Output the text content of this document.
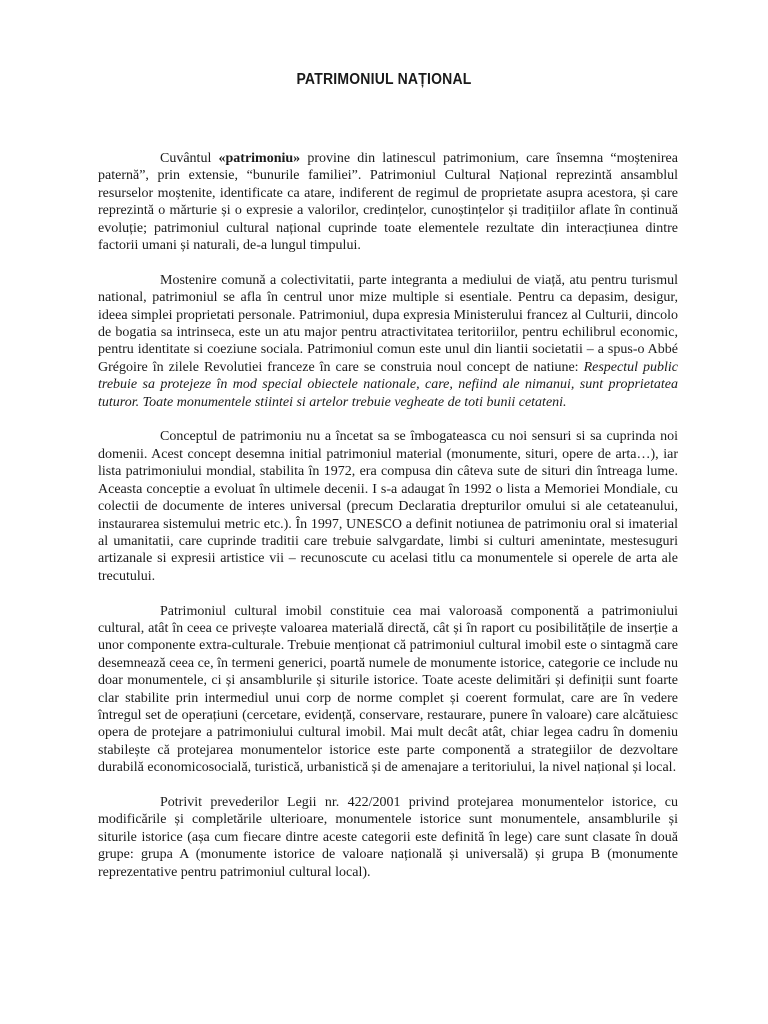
PATRIMONIUL NAȚIONAL

Cuvântul «patrimoniu» provine din latinescul patrimonium, care însemna “moștenirea paternă”, prin extensie, “bunurile familiei”. Patrimoniul Cultural Național reprezintă ansamblul resurselor moștenite, identificate ca atare, indiferent de regimul de proprietate asupra acestora, și care reprezintă o mărturie și o expresie a valorilor, credințelor, cunoștințelor și tradițiilor aflate în continuă evoluție; patrimoniul cultural național cuprinde toate elementele rezultate din interacțiunea dintre factorii umani și naturali, de-a lungul timpului.

Mostenire comună a colectivitatii, parte integranta a mediului de viață, atu pentru turismul national, patrimoniul se afla în centrul unor mize multiple si esentiale. Pentru ca depasim, desigur, ideea simplei proprietati personale. Patrimoniul, dupa expresia Ministerului francez al Culturii, dincolo de bogatia sa intrinseca, este un atu major pentru atractivitatea teritoriilor, pentru echilibrul economic, pentru identitate si coeziune sociala. Patrimoniul comun este unul din liantii societatii – a spus-o Abbé Grégoire în zilele Revolutiei franceze în care se construia noul concept de natiune: Respectul public trebuie sa protejeze în mod special obiectele nationale, care, nefiind ale nimanui, sunt proprietatea tuturor. Toate monumentele stiintei si artelor trebuie vegheate de toti bunii cetateni.

Conceptul de patrimoniu nu a încetat sa se îmbogateasca cu noi sensuri si sa cuprinda noi domenii. Acest concept desemna initial patrimoniul material (monumente, situri, opere de arta…), iar lista patrimoniului mondial, stabilita în 1972, era compusa din câteva sute de situri din întreaga lume. Aceasta conceptie a evoluat în ultimele decenii. I s-a adaugat în 1992 o lista a Memoriei Mondiale, cu colectii de documente de interes universal (precum Declaratia drepturilor omului si ale cetateanului, instaurarea sistemului metric etc.). În 1997, UNESCO a definit notiunea de patrimoniu oral si imaterial al umanitatii, care cuprinde traditii care trebuie salvgardate, limbi si culturi amenintate, mestesuguri artizanale si expresii artistice vii – recunoscute cu acelasi titlu ca monumentele si operele de arta ale trecutului.

Patrimoniul cultural imobil constituie cea mai valoroasă componentă a patrimoniului cultural, atât în ceea ce privește valoarea materială directă, cât și în raport cu posibilitățile de inserție a unor componente extra-culturale. Trebuie menționat că patrimoniul cultural imobil este o sintagmă care desemnează ceea ce, în termeni generici, poartă numele de monumente istorice, categorie ce include nu doar monumentele, ci și ansamblurile și siturile istorice. Toate aceste delimitări și definiții sunt foarte clar stabilite prin intermediul unui corp de norme complet și coerent formulat, care are în vedere întregul set de operațiuni (cercetare, evidență, conservare, restaurare, punere în valoare) care alcătuiesc opera de protejare a patrimoniului cultural imobil. Mai mult decât atât, chiar legea cadru în domeniu stabilește că protejarea monumentelor istorice este parte componentă a strategiilor de dezvoltare durabilă economicosocială, turistică, urbanistică și de amenajare a teritoriului, la nivel național și local.

Potrivit prevederilor Legii nr. 422/2001 privind protejarea monumentelor istorice, cu modificările și completările ulterioare, monumentele istorice sunt monumentele, ansamblurile și siturile istorice (așa cum fiecare dintre aceste categorii este definită în lege) care sunt clasate în două grupe: grupa A (monumente istorice de valoare națională și universală) și grupa B (monumente reprezentative pentru patrimoniul cultural local).
